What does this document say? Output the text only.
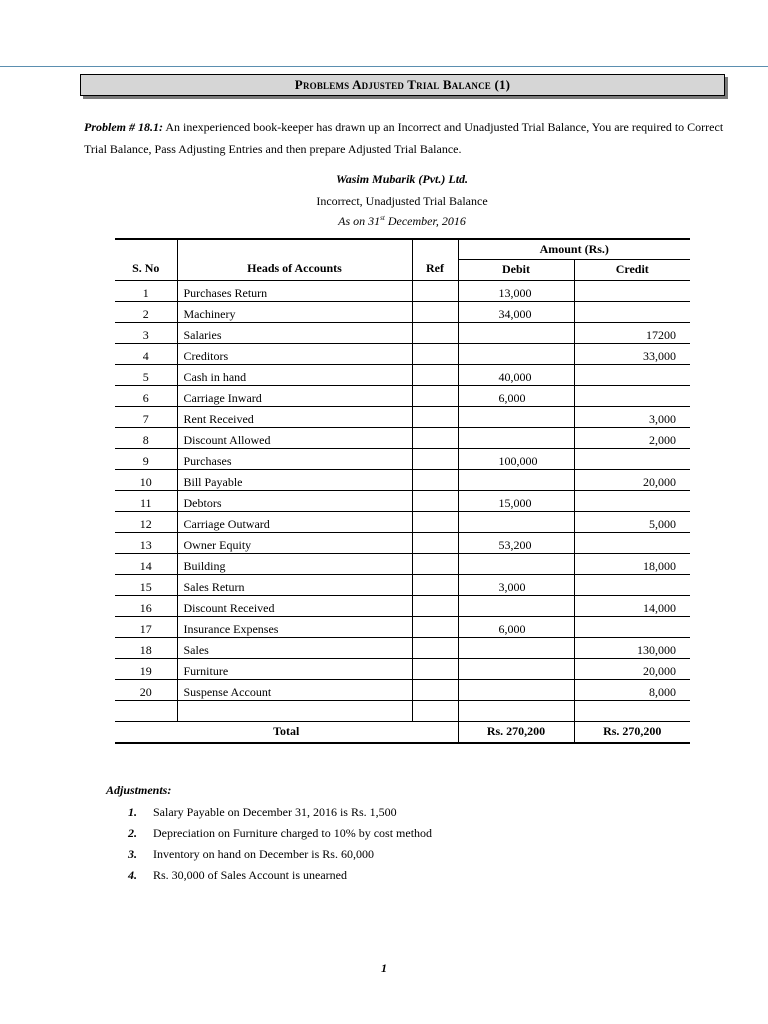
Problems Adjusted Trial Balance (1)
Problem # 18.1: An inexperienced book-keeper has drawn up an Incorrect and Unadjusted Trial Balance, You are required to Correct Trial Balance, Pass Adjusting Entries and then prepare Adjusted Trial Balance.
Wasim Mubarik (Pvt.) Ltd.
Incorrect, Unadjusted Trial Balance
As on 31st December, 2016
S. No	Heads of Accounts	Ref	Amount (Rs.)	
			Debit	Credit
1	Purchases Return		13,000	
2	Machinery		34,000	
3	Salaries			17200
4	Creditors			33,000
5	Cash in hand		40,000	
6	Carriage Inward		6,000	
7	Rent Received			3,000
8	Discount Allowed			2,000
9	Purchases		100,000	
10	Bill Payable			20,000
11	Debtors		15,000	
12	Carriage Outward			5,000
13	Owner Equity		53,200	
14	Building			18,000
15	Sales Return		3,000	
16	Discount Received			14,000
17	Insurance Expenses		6,000	
18	Sales			130,000
19	Furniture			20,000
20	Suspense Account			8,000

Total			Rs. 270,200	Rs. 270,200
Adjustments:
1.	Salary Payable on December 31, 2016 is Rs. 1,500
2.	Depreciation on Furniture charged to 10% by cost method
3.	Inventory on hand on December is Rs. 60,000
4.	Rs. 30,000 of Sales Account is unearned
1
